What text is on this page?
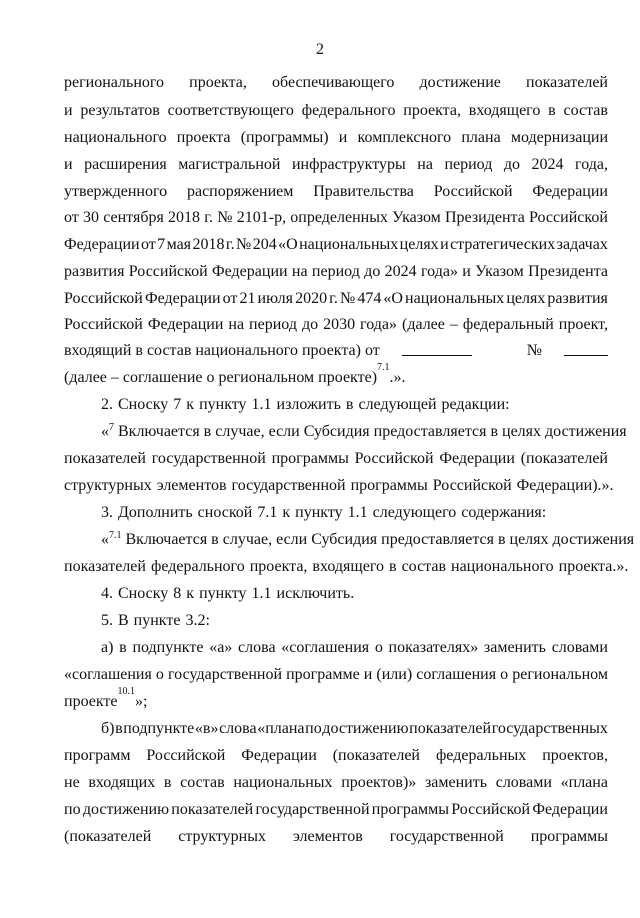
2
регионального проекта, обеспечивающего достижение показателей
и результатов соответствующего федерального проекта, входящего в состав
национального проекта (программы) и комплексного плана модернизации
и расширения магистральной инфраструктуры на период до 2024 года,
утвержденного распоряжением Правительства Российской Федерации
от 30 сентября 2018 г. № 2101-р, определенных Указом Президента Российской
Федерации от 7 мая 2018 г. № 204 «О национальных целях и стратегических задачах
развития Российской Федерации на период до 2024 года» и Указом Президента
Российской Федерации от 21 июля 2020 г. № 474 «О национальных целях развития
Российской Федерации на период до 2030 года» (далее – федеральный проект,
входящий в состав национального проекта) от	№
(далее – соглашение о региональном проекте)
7.1
.».
2. Сноску 7 к пункту 1.1 изложить в следующей редакции:
«$^7$ Включается в случае, если Субсидия предоставляется в целях достижения
показателей государственной программы Российской Федерации (показателей
структурных элементов государственной программы Российской Федерации).».
3. Дополнить сноской 7.1 к пункту 1.1 следующего содержания:
«$^{7.1}$ Включается в случае, если Субсидия предоставляется в целях достижения
показателей федерального проекта, входящего в состав национального проекта.».
4. Сноску 8 к пункту 1.1 исключить.
5. В пункте 3.2:
а) в подпункте «а» слова «соглашения о показателях» заменить словами
«соглашения о государственной программе и (или) соглашения о региональном
проекте
10.1
»;
б) в подпункте «в» слова «плана по достижению показателей государственных
программ Российской Федерации (показателей федеральных проектов,
не входящих в состав национальных проектов)» заменить словами «плана
по достижению показателей государственной программы Российской Федерации
(показателей структурных элементов государственной программы
